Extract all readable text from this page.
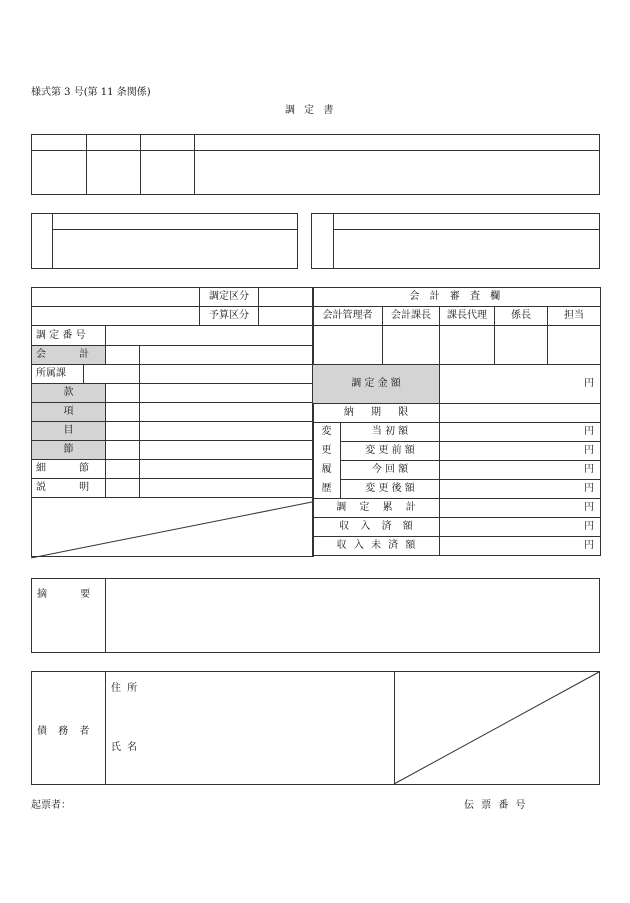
様式第 3 号(第 11 条関係)
調 定 書
				調定区分	
				予算区分	
調 定 番 号					
会 計					
所属課					
款					
項					
目					
節					
細 節					
説 明					

会 計 審 査 欄					
会計管理者		会計課長	課長代理	係長	担当

調 定 金 額			円		
納 期 限					
変	当 初 額		円		
更	変 更 前 額		円		
履	今 回 額		円		
歴	変 更 後 額		円		
調 定 累 計			円		
収 入 済 額			円		
収 入 未 済 額			円		
摘 要
債 務 者
住 所
氏 名
起票者：	伝 票 番 号
